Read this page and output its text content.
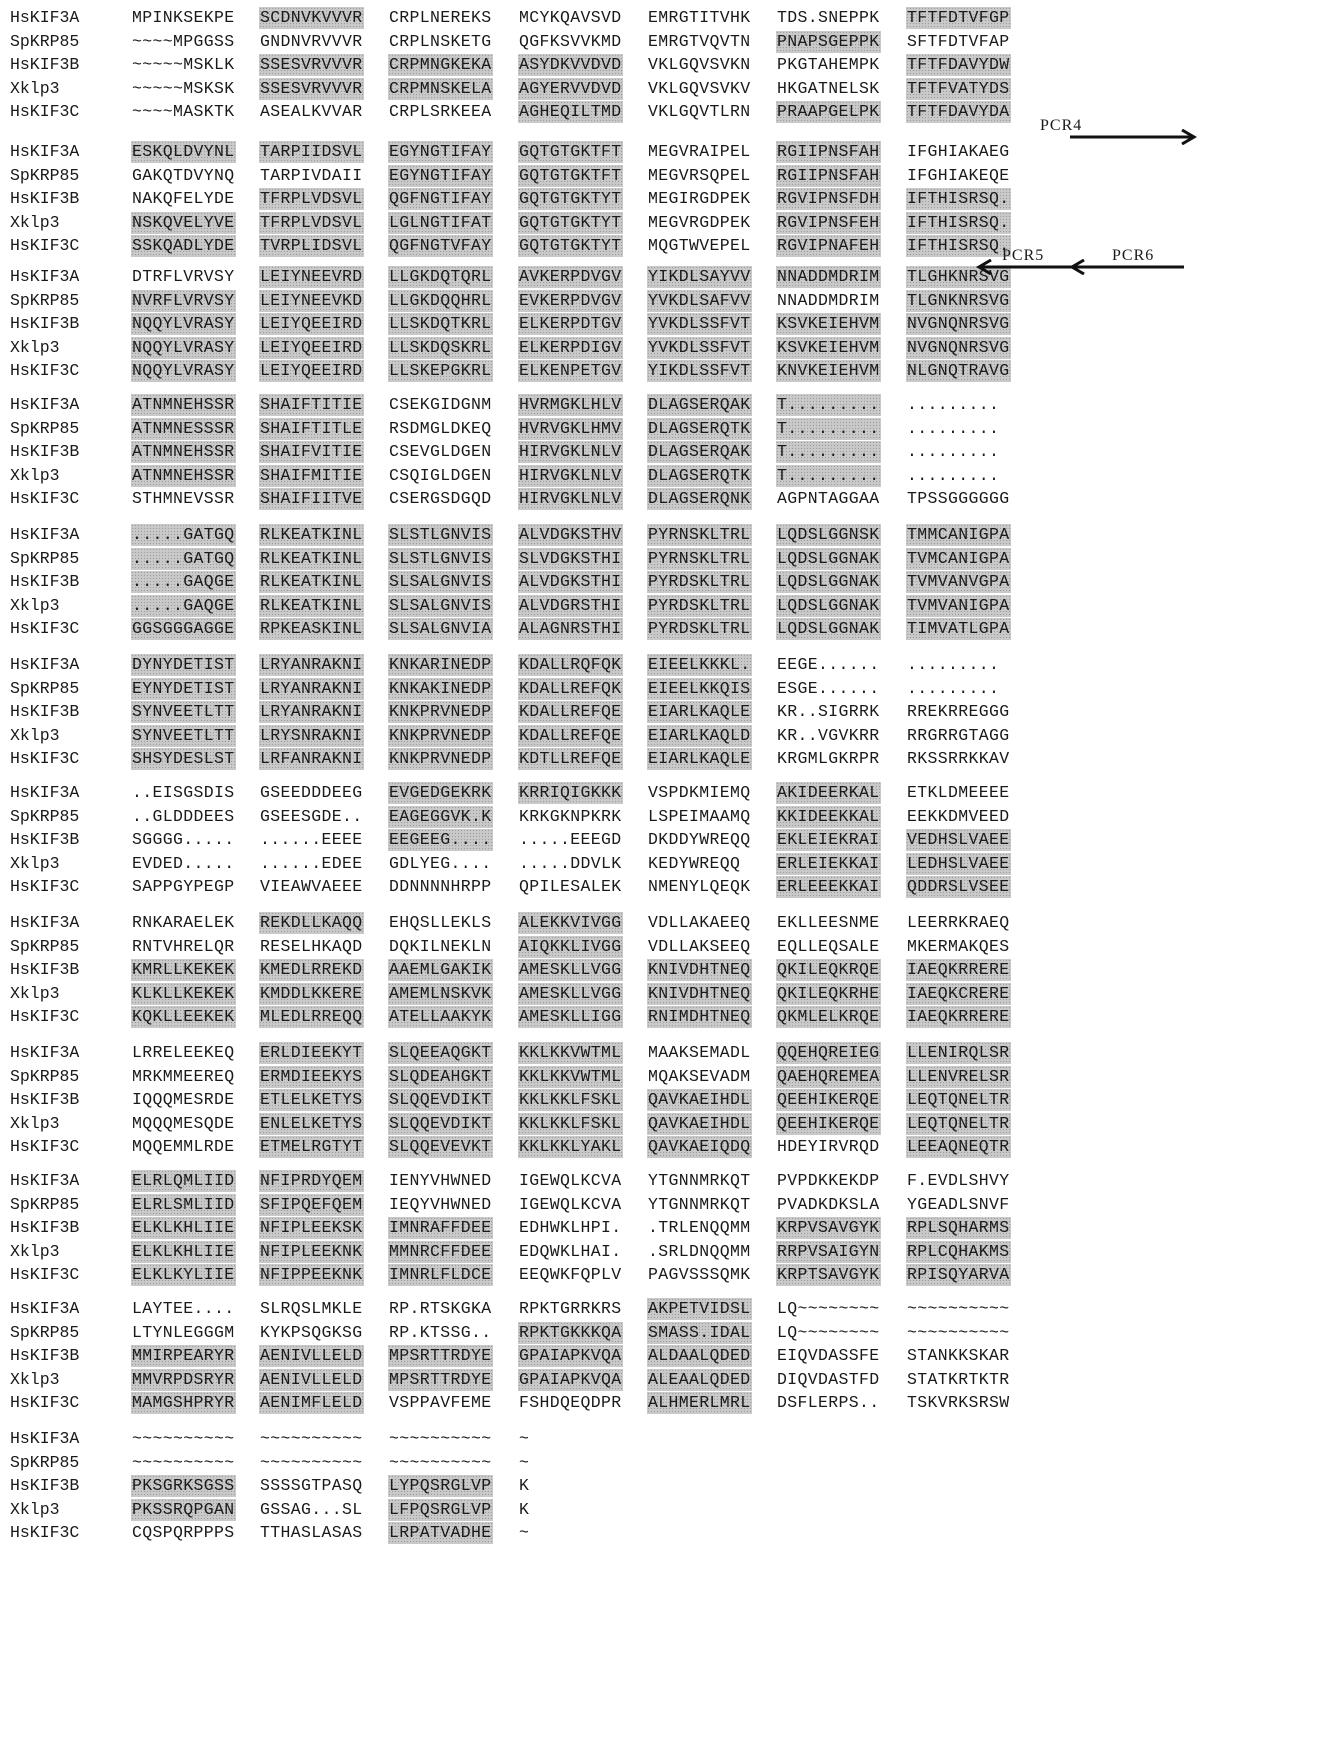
HsKIF3A	MPINKSEKPE SCDNVKVVVR CRPLNEREKS MCYKQAVSVD EMRGTITVHK TDS.SNEPPK TFTFDTVFGP
SpKRP85	~~~~MPGGSS GNDNVRVVVR CRPLNSKETG QGFKSVVKMD EMRGTVQVTN PNAPSGEPPK SFTFDTVFAP
HsKIF3B	~~~~~MSKLK SSESVRVVVR CRPMNGKEKA ASYDKVVDVD VKLGQVSVKN PKGTAHEMPK TFTFDAVYDW
Xklp3	~~~~~MSKSK SSESVRVVVR CRPMNSKELA AGYERVVDVD VKLGQVSVKV HKGATNELSK TFTFVATYDS
HsKIF3C	~~~~MASKTK ASEALKVVAR CRPLSRKEEA AGHEQILTMD VKLGQVTLRN PRAAPGELPK TFTFDAVYDA
HsKIF3A	ESKQLDVYNL TARPIIDSVL EGYNGTIFAY GQTGTGKTFT MEGVRAIPEL RGIIPNSFAH IFGHIAKAEG
SpKRP85	GAKQTDVYNQ TARPIVDAII EGYNGTIFAY GQTGTGKTFT MEGVRSQPEL RGIIPNSFAH IFGHIAKEQE
HsKIF3B	NAKQFELYDE TFRPLVDSVL QGFNGTIFAY GQTGTGKTYT MEGIRGDPEK RGVIPNSFDH IFTHISRSQ.
Xklp3	NSKQVELYVE TFRPLVDSVL LGLNGTIFAT GQTGTGKTYT MEGVRGDPEK RGVIPNSFEH IFTHISRSQ.
HsKIF3C	SSKQADLYDE TVRPLIDSVL QGFNGTVFAY GQTGTGKTYT MQGTWVEPEL RGVIPNAFEH IFTHISRSQ.
HsKIF3A	DTRFLVRVSY LEIYNEEVRD LLGKDQTQRL AVKERPDVGV YIKDLSAYVV NNADDMDRIM TLGHKNRSVG
SpKRP85	NVRFLVRVSY LEIYNEEVKD LLGKDQQHRL EVKERPDVGV YVKDLSAFVV NNADDMDRIM TLGNKNRSVG
HsKIF3B	NQQYLVRASY LEIYQEEIRD LLSKDQTKRL ELKERPDTGV YVKDLSSFVT KSVKEIEHVM NVGNQNRSVG
Xklp3	NQQYLVRASY LEIYQEEIRD LLSKDQSKRL ELKERPDIGV YVKDLSSFVT KSVKEIEHVM NVGNQNRSVG
HsKIF3C	NQQYLVRASY LEIYQEEIRD LLSKEPGKRL ELKENPETGV YIKDLSSFVT KNVKEIEHVM NLGNQTRAVG
HsKIF3A	ATNMNEHSSR SHAIFTITIE CSEKGIDGNM HVRMGKLHLV DLAGSERQAK T......... .........
SpKRP85	ATNMNESSSR SHAIFTITLE RSDMGLDKEQ HVRVGKLHMV DLAGSERQTK T......... .........
HsKIF3B	ATNMNEHSSR SHAIFVITIE CSEVGLDGEN HIRVGKLNLV DLAGSERQAK T......... .........
Xklp3	ATNMNEHSSR SHAIFMITIE CSQIGLDGEN HIRVGKLNLV DLAGSERQTK T......... .........
HsKIF3C	STHMNEVSSR SHAIFIITVE CSERGSDGQD HIRVGKLNLV DLAGSERQNK AGPNTAGGAA TPSSGGGGGG
HsKIF3A	.....GATGQ RLKEATKINL SLSTLGNVIS ALVDGKSTHV PYRNSKLTRL LQDSLGGNSK TMMCANIGPA
SpKRP85	.....GATGQ RLKEATKINL SLSTLGNVIS SLVDGKSTHI PYRNSKLTRL LQDSLGGNAK TVMCANIGPA
HsKIF3B	.....GAQGE RLKEATKINL SLSALGNVIS ALVDGKSTHI PYRDSKLTRL LQDSLGGNAK TVMVANVGPA
Xklp3	.....GAQGE RLKEATKINL SLSALGNVIS ALVDGRSTHI PYRDSKLTRL LQDSLGGNAK TVMVANIGPA
HsKIF3C	GGSGGGAGGE RPKEASKINL SLSALGNVIA ALAGNRSTHI PYRDSKLTRL LQDSLGGNAK TIMVATLGPA
HsKIF3A	DYNYDETIST LRYANRAKNI KNKARINEDP KDALLRQFQK EIEELKKKL. EEGE...... .........
SpKRP85	EYNYDETIST LRYANRAKNI KNKAKINEDP KDALLREFQK EIEELKKQIS ESGE...... .........
HsKIF3B	SYNVEETLTT LRYANRAKNI KNKPRVNEDP KDALLREFQE EIARLKAQLE KR..SIGRRK RREKRREGGG
Xklp3	SYNVEETLTT LRYSNRAKNI KNKPRVNEDP KDALLREFQE EIARLKAQLD KR..VGVKRR RRGRRGTAGG
HsKIF3C	SHSYDESLST LRFANRAKNI KNKPRVNEDP KDTLLREFQE EIARLKAQLE KRGMLGKRPR RKSSRRKKAV
HsKIF3A	..EISGSDIS GSEEDDDEEG EVGEDGEKRK KRRIQIGKKK VSPDKMIEMQ AKIDEERKAL ETKLDMEEEE
SpKRP85	..GLDDDEES GSEESGDE.. EAGEGGVK.K KRKGKNPKRK LSPEIMAAMQ KKIDEEKKAL EEKKDMVEED
HsKIF3B	SGGGG..... ......EEEE EEGEEG.... .....EEEGD DKDDYWREQQ EKLEIEKRAI VEDHSLVAEE
Xklp3	EVDED..... ......EDEE GDLYEG.... .....DDVLK KEDYWREQQ ERLEIEKKAI LEDHSLVAEE
HsKIF3C	SAPPGYPEGP VIEAWVAEEE DDNNNNHRPP QPILESALEK NMENYLQEQK ERLEEEKKAI QDDRSLVSEE
HsKIF3A	RNKARAELEK REKDLLKAQQ EHQSLLEKLS ALEKKVIVGG VDLLAKAEEQ EKLLEESNME LEERRKRAEQ
SpKRP85	RNTVHRELQR RESELHKAQD DQKILNEKLN AIQKKLIVGG VDLLAKSEEQ EQLLEQSALE MKERMAKQES
HsKIF3B	KMRLLKEKEK KMEDLRREKD AAEMLGAKIK AMESKLLVGG KNIVDHTNEQ QKILEQKRQE IAEQKRRERE
Xklp3	KLKLLKEKEK KMDDLKKERE AMEMLNSKVK AMESKLLVGG KNIVDHTNEQ QKILEQKRHE IAEQKCRERE
HsKIF3C	KQKLLEEKEK MLEDLRREQQ ATELLAAKYK AMESKLLIGG RNIMDHTNEQ QKMLELKRQE IAEQKRRERE
HsKIF3A	LRRELEEKEQ ERLDIEEKYT SLQEEAQGKT KKLKKVWTML MAAKSEMADL QQEHQREIEG LLENIRQLSR
SpKRP85	MRKMMEEREQ ERMDIEEKYS SLQDEAHGKT KKLKKVWTML MQAKSEVADM QAEHQREMEA LLENVRELSR
HsKIF3B	IQQQMESRDE ETLELKETYS SLQQEVDIKT KKLKKLFSKL QAVKAEIHDL QEEHIKERQE LEQTQNELTR
Xklp3	MQQQMESQDE ENLELKETYS SLQQEVDIKT KKLKKLFSKL QAVKAEIHDL QEEHIKERQE LEQTQNELTR
HsKIF3C	MQQEMMLRDE ETMELRGTYT SLQQEVEVKT KKLKKLYAKL QAVKAEIQDQ HDEYIRVRQD LEEAQNEQTR
HsKIF3A	ELRLQMLIID NFIPRDYQEM IENYVHWNED IGEWQLKCVA YTGNNMRKQT PVPDKKEKDP F.EVDLSHVY
SpKRP85	ELRLSMLIID SFIPQEFQEM IEQYVHWNED IGEWQLKCVA YTGNNMRKQT PVADKDKSLA YGEADLSNVF
HsKIF3B	ELKLKHLIIE NFIPLEEKSK IMNRAFFDEE EDHWKLHPI. .TRLENQQMM KRPVSAVGYK RPLSQHARMS
Xklp3	ELKLKHLIIE NFIPLEEKNK MMNRCFFDEE EDQWKLHAI. .SRLDNQQMM RRPVSAIGYN RPLCQHAKMS
HsKIF3C	ELKLKYLIIE NFIPPEEKNK IMNRLFLDCE EEQWKFQPLV PAGVSSSQMK KRPTSAVGYK RPISQYARVA
HsKIF3A	LAYTEE.... SLRQSLMKLE RP.RTSKGKA RPKTGRRKRS AKPETVIDSL LQ~~~~~~~~ ~~~~~~~~~~
SpKRP85	LTYNLEGGGM KYKPSQGKSG RP.KTSSG.. RPKTGKKKQA SMASS.IDAL LQ~~~~~~~~ ~~~~~~~~~~
HsKIF3B	MMIRPEARYR AENIVLLELD MPSRTTRDYE GPAIAPKVQA ALDAALQDED EIQVDASSFE STANKKSKAR
Xklp3	MMVRPDSRYR AENIVLLELD MPSRTTRDYE GPAIAPKVQA ALEAALQDED DIQVDASTFD STATKRTKTR
HsKIF3C	MAMGSHPRYR AENIMFLELD VSPPAVFEME FSHDQEQDPR ALHMERLMRL DSFLERPS.. TSKVRKSRSW
HsKIF3A	~~~~~~~~~~ ~~~~~~~~~~ ~~~~~~~~~~ ~
SpKRP85	~~~~~~~~~~ ~~~~~~~~~~ ~~~~~~~~~~ ~
HsKIF3B	PKSGRKSGSS SSSSGTPASQ LYPQSRGLVP K
Xklp3	PKSSRQPGAN GSSAG...SL LFPQSRGLVP K
HsKIF3C	CQSPQRPPPS TTHASLASAS LRPATVADHE ~
PCR4
PCR5	PCR6
